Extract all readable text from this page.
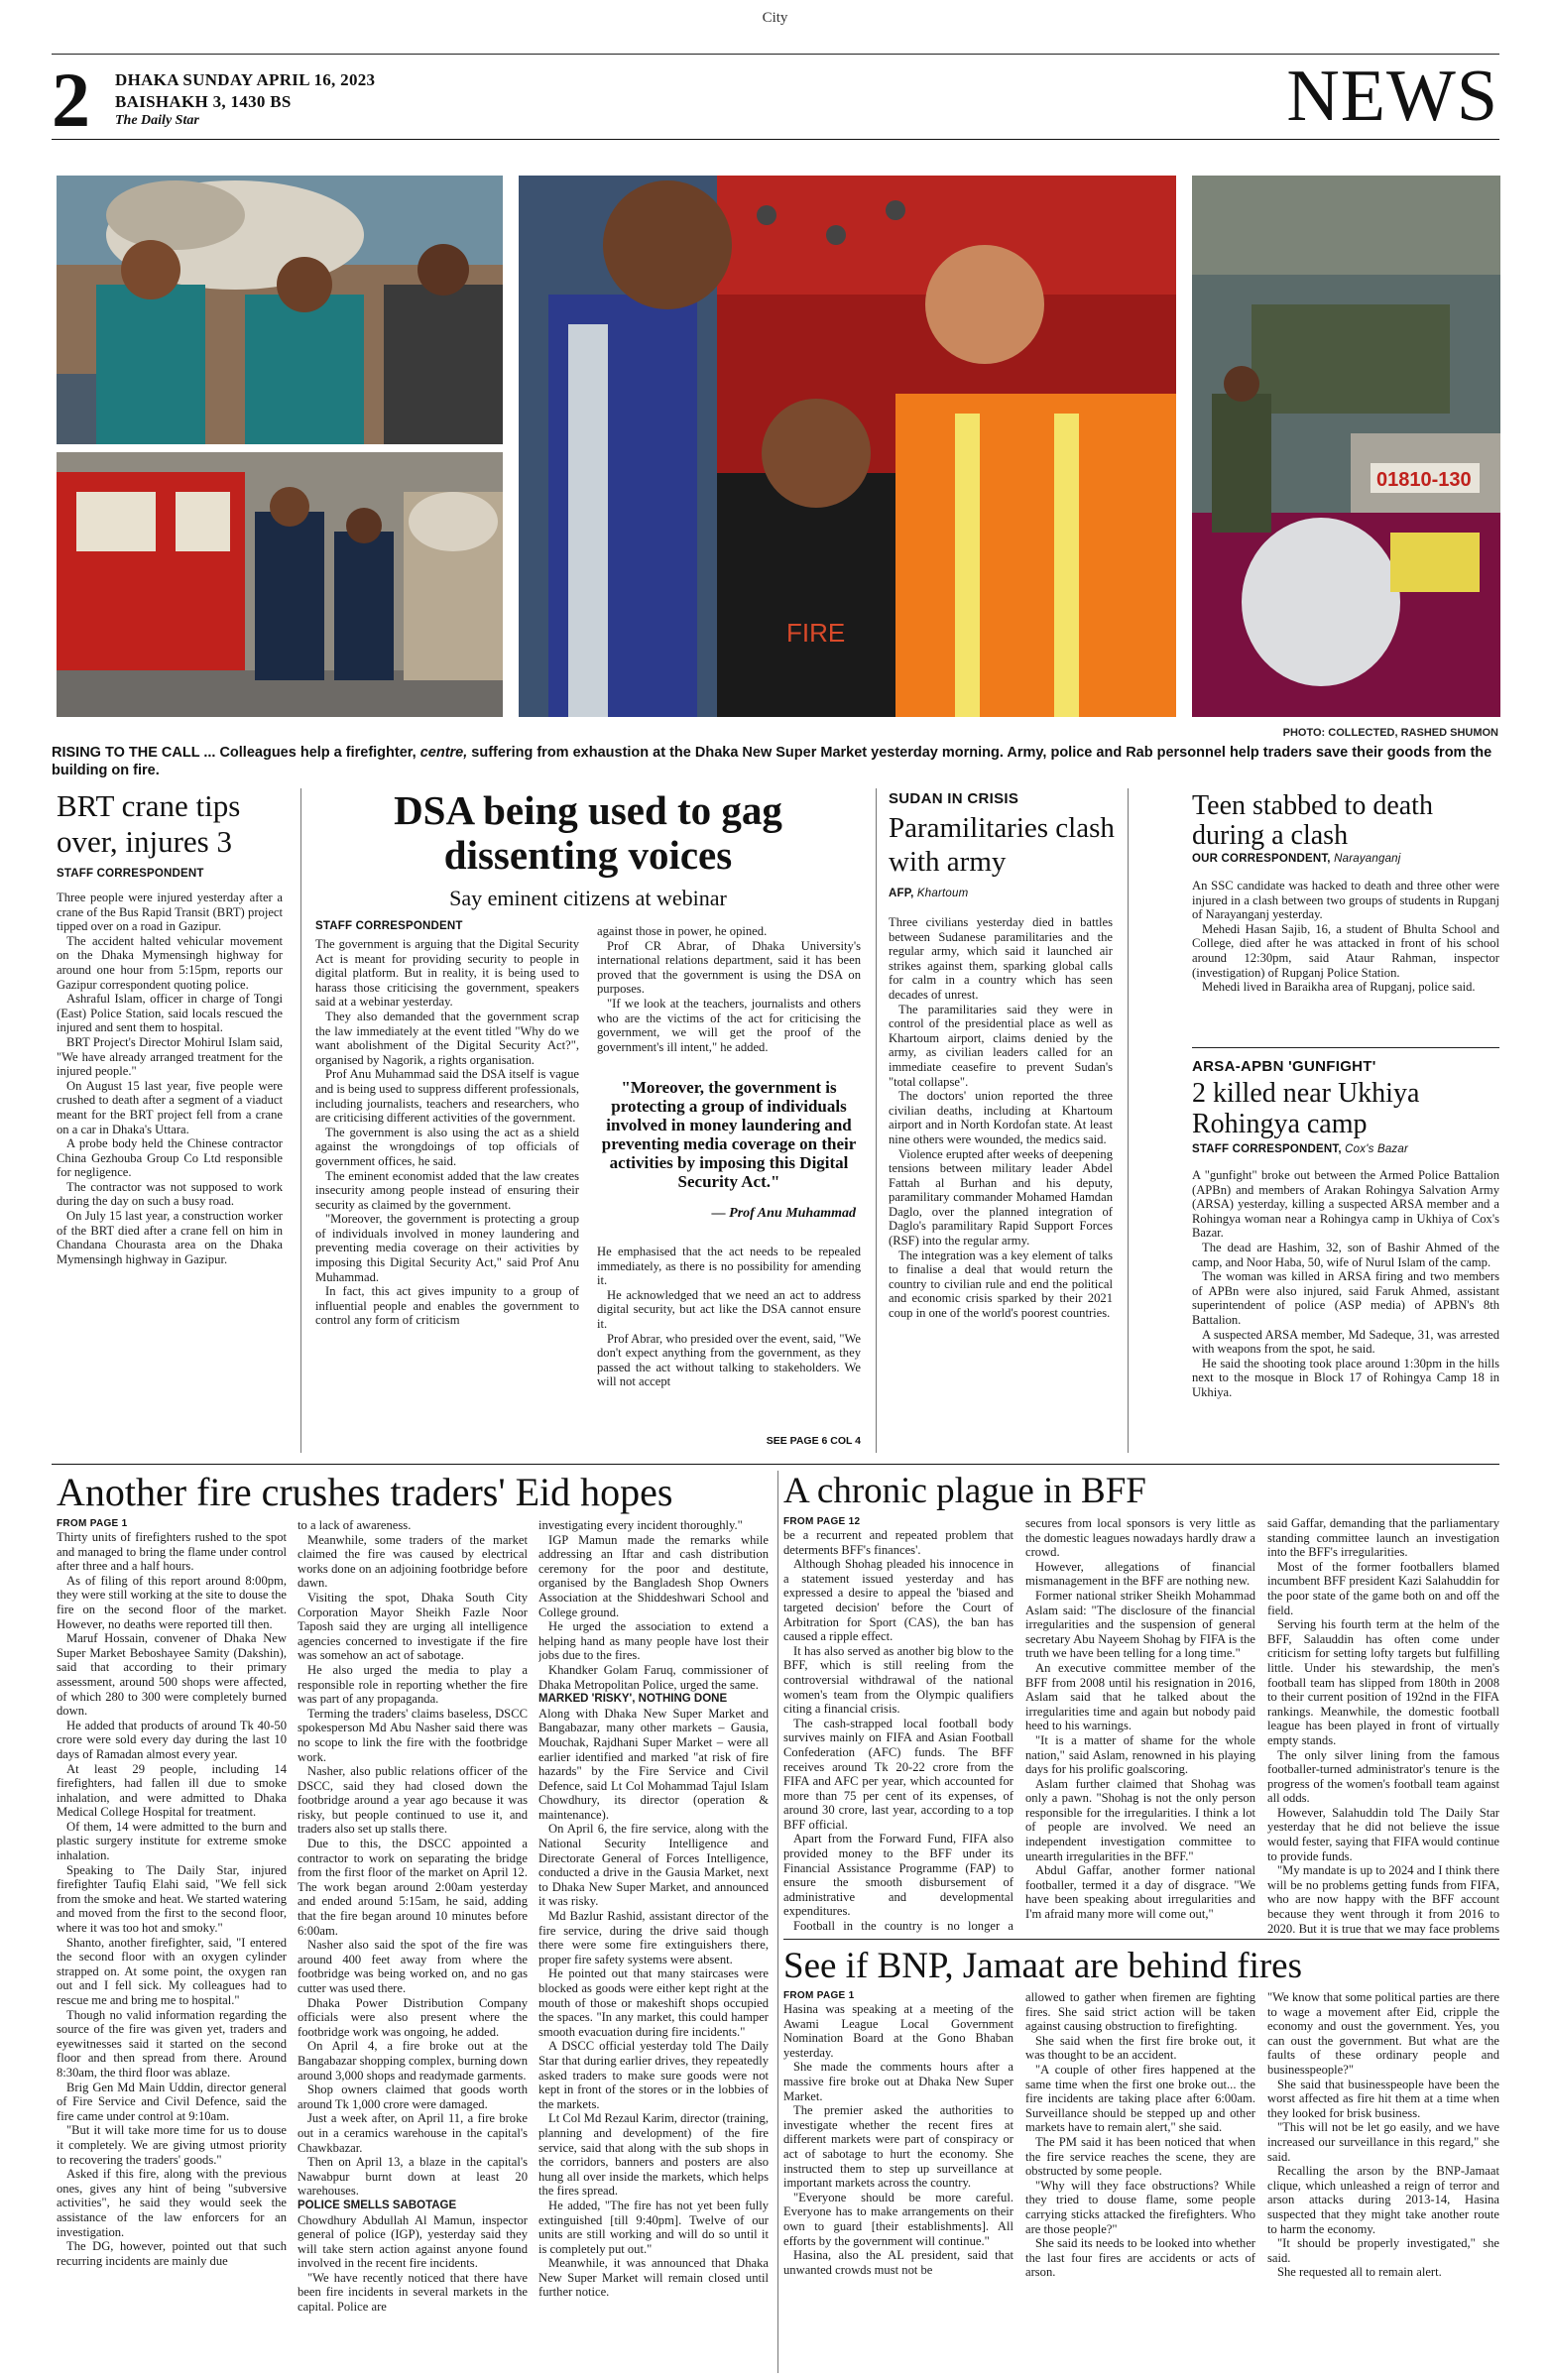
City
2 DHAKA SUNDAY APRIL 16, 2023
BAISHAKH 3, 1430 BS
The Daily Star	NEWS
FIRE
01810-130
PHOTO: COLLECTED, RASHED SHUMON
RISING TO THE CALL ... Colleagues help a firefighter, centre, suffering from exhaustion at the Dhaka New Super Market yesterday morning. Army, police and Rab personnel help traders save their goods from the building on fire.
BRT crane tips over, injures 3
STAFF CORRESPONDENT

Three people were injured yesterday after a crane of the Bus Rapid Transit (BRT) project tipped over on a road in Gazipur.

The accident halted vehicular movement on the Dhaka Mymensingh highway for around one hour from 5:15pm, reports our Gazipur correspondent quoting police.

Ashraful Islam, officer in charge of Tongi (East) Police Station, said locals rescued the injured and sent them to hospital.

BRT Project's Director Mohirul Islam said, "We have already arranged treatment for the injured people."

On August 15 last year, five people were crushed to death after a segment of a viaduct meant for the BRT project fell from a crane on a car in Dhaka's Uttara.

A probe body held the Chinese contractor China Gezhouba Group Co Ltd responsible for negligence.

The contractor was not supposed to work during the day on such a busy road.

On July 15 last year, a construction worker of the BRT died after a crane fell on him in Chandana Chourasta area on the Dhaka Mymensingh highway in Gazipur.

DSA being used to gag dissenting voices
Say eminent citizens at webinar
STAFF CORRESPONDENT

The government is arguing that the Digital Security Act is meant for providing security to people in digital platform. But in reality, it is being used to harass those criticising the government, speakers said at a webinar yesterday.

They also demanded that the government scrap the law immediately at the event titled "Why do we want abolishment of the Digital Security Act?", organised by Nagorik, a rights organisation.

Prof Anu Muhammad said the DSA itself is vague and is being used to suppress different professionals, including journalists, teachers and researchers, who are criticising different activities of the government.

The government is also using the act as a shield against the wrongdoings of top officials of government offices, he said.

The eminent economist added that the law creates insecurity among people instead of ensuring their security as claimed by the government.

"Moreover, the government is protecting a group of individuals involved in money laundering and preventing media coverage on their activities by imposing this Digital Security Act," said Prof Anu Muhammad.

In fact, this act gives impunity to a group of influential people and enables the government to control any form of criticism

against those in power, he opined.

Prof CR Abrar, of Dhaka University's international relations department, said it has been proved that the government is using the DSA on purposes.

"If we look at the teachers, journalists and others who are the victims of the act for criticising the government, we will get the proof of the government's ill intent," he added.

"Moreover, the government is protecting a group of individuals involved in money laundering and preventing media coverage on their activities by imposing this Digital Security Act."
— Prof Anu Muhammad

He emphasised that the act needs to be repealed immediately, as there is no possibility for amending it.

He acknowledged that we need an act to address digital security, but act like the DSA cannot ensure it.

Prof Abrar, who presided over the event, said, "We don't expect anything from the government, as they passed the act without talking to stakeholders. We will not accept

SEE PAGE 6 COL 4
SUDAN IN CRISIS
Paramilitaries clash with army
AFP, Khartoum

Three civilians yesterday died in battles between Sudanese paramilitaries and the regular army, which said it launched air strikes against them, sparking global calls for calm in a country which has seen decades of unrest.

The paramilitaries said they were in control of the presidential place as well as Khartoum airport, claims denied by the army, as civilian leaders called for an immediate ceasefire to prevent Sudan's "total collapse".

The doctors' union reported the three civilian deaths, including at Khartoum airport and in North Kordofan state. At least nine others were wounded, the medics said.

Violence erupted after weeks of deepening tensions between military leader Abdel Fattah al Burhan and his deputy, paramilitary commander Mohamed Hamdan Daglo, over the planned integration of Daglo's paramilitary Rapid Support Forces (RSF) into the regular army.

The integration was a key element of talks to finalise a deal that would return the country to civilian rule and end the political and economic crisis sparked by their 2021 coup in one of the world's poorest countries.

Teen stabbed to death during a clash
OUR CORRESPONDENT, Narayanganj

An SSC candidate was hacked to death and three other were injured in a clash between two groups of students in Rupganj of Narayanganj yesterday.

Mehedi Hasan Sajib, 16, a student of Bhulta School and College, died after he was attacked in front of his school around 12:30pm, said Ataur Rahman, inspector (investigation) of Rupganj Police Station.

Mehedi lived in Baraikha area of Rupganj, police said.

ARSA-APBN 'GUNFIGHT'
2 killed near Ukhiya Rohingya camp
STAFF CORRESPONDENT, Cox's Bazar

A "gunfight" broke out between the Armed Police Battalion (APBn) and members of Arakan Rohingya Salvation Army (ARSA) yesterday, killing a suspected ARSA member and a Rohingya woman near a Rohingya camp in Ukhiya of Cox's Bazar.

The dead are Hashim, 32, son of Bashir Ahmed of the camp, and Noor Haba, 50, wife of Nurul Islam of the camp.

The woman was killed in ARSA firing and two members of APBn were also injured, said Faruk Ahmed, assistant superintendent of police (ASP media) of APBN's 8th Battalion.

A suspected ARSA member, Md Sadeque, 31, was arrested with weapons from the spot, he said.

He said the shooting took place around 1:30pm in the hills next to the mosque in Block 17 of Rohingya Camp 18 in Ukhiya.

Another fire crushes traders' Eid hopes
FROM PAGE 1

Thirty units of firefighters rushed to the spot and managed to bring the flame under control after three and a half hours.

As of filing of this report around 8:00pm, they were still working at the site to douse the fire on the second floor of the market. However, no deaths were reported till then.

Maruf Hossain, convener of Dhaka New Super Market Beboshayee Samity (Dakshin), said that according to their primary assessment, around 500 shops were affected, of which 280 to 300 were completely burned down.

He added that products of around Tk 40-50 crore were sold every day during the last 10 days of Ramadan almost every year.

At least 29 people, including 14 firefighters, had fallen ill due to smoke inhalation, and were admitted to Dhaka Medical College Hospital for treatment.

Of them, 14 were admitted to the burn and plastic surgery institute for extreme smoke inhalation.

Speaking to The Daily Star, injured firefighter Taufiq Elahi said, "We fell sick from the smoke and heat. We started watering and moved from the first to the second floor, where it was too hot and smoky."

Shanto, another firefighter, said, "I entered the second floor with an oxygen cylinder strapped on. At some point, the oxygen ran out and I fell sick. My colleagues had to rescue me and bring me to hospital."

Though no valid information regarding the source of the fire was given yet, traders and eyewitnesses said it started on the second floor and then spread from there. Around 8:30am, the third floor was ablaze.

Brig Gen Md Main Uddin, director general of Fire Service and Civil Defence, said the fire came under control at 9:10am.

"But it will take more time for us to douse it completely. We are giving utmost priority to recovering the traders' goods."

Asked if this fire, along with the previous ones, gives any hint of being "subversive activities", he said they would seek the assistance of the law enforcers for an investigation.

The DG, however, pointed out that such recurring incidents are mainly due

to a lack of awareness.

Meanwhile, some traders of the market claimed the fire was caused by electrical works done on an adjoining footbridge before dawn.

Visiting the spot, Dhaka South City Corporation Mayor Sheikh Fazle Noor Taposh said they are urging all intelligence agencies concerned to investigate if the fire was somehow an act of sabotage.

He also urged the media to play a responsible role in reporting whether the fire was part of any propaganda.

Terming the traders' claims baseless, DSCC spokesperson Md Abu Nasher said there was no scope to link the fire with the footbridge work.

Nasher, also public relations officer of the DSCC, said they had closed down the footbridge around a year ago because it was risky, but people continued to use it, and traders also set up stalls there.

Due to this, the DSCC appointed a contractor to work on separating the bridge from the first floor of the market on April 12. The work began around 2:00am yesterday and ended around 5:15am, he said, adding that the fire began around 10 minutes before 6:00am.

Nasher also said the spot of the fire was around 400 feet away from where the footbridge was being worked on, and no gas cutter was used there.

Dhaka Power Distribution Company officials were also present where the footbridge work was ongoing, he added.

On April 4, a fire broke out at the Bangabazar shopping complex, burning down around 3,000 shops and readymade garments.

Shop owners claimed that goods worth around Tk 1,000 crore were damaged.

Just a week after, on April 11, a fire broke out in a ceramics warehouse in the capital's Chawkbazar.

Then on April 13, a blaze in the capital's Nawabpur burnt down at least 20 warehouses.

POLICE SMELLS SABOTAGE

Chowdhury Abdullah Al Mamun, inspector general of police (IGP), yesterday said they will take stern action against anyone found involved in the recent fire incidents.

"We have recently noticed that there have been fire incidents in several markets in the capital. Police are

investigating every incident thoroughly."

IGP Mamun made the remarks while addressing an Iftar and cash distribution ceremony for the poor and destitute, organised by the Bangladesh Shop Owners Association at the Shiddeshwari School and College ground.

He urged the association to extend a helping hand as many people have lost their jobs due to the fires.

Khandker Golam Faruq, commissioner of Dhaka Metropolitan Police, urged the same.

MARKED 'RISKY', NOTHING DONE

Along with Dhaka New Super Market and Bangabazar, many other markets – Gausia, Mouchak, Rajdhani Super Market – were all earlier identified and marked "at risk of fire hazards" by the Fire Service and Civil Defence, said Lt Col Mohammad Tajul Islam Chowdhury, its director (operation & maintenance).

On April 6, the fire service, along with the National Security Intelligence and Directorate General of Forces Intelligence, conducted a drive in the Gausia Market, next to Dhaka New Super Market, and announced it was risky.

Md Bazlur Rashid, assistant director of the fire service, during the drive said though there were some fire extinguishers there, proper fire safety systems were absent.

He pointed out that many staircases were blocked as goods were either kept right at the mouth of those or makeshift shops occupied the spaces. "In any market, this could hamper smooth evacuation during fire incidents."

A DSCC official yesterday told The Daily Star that during earlier drives, they repeatedly asked traders to make sure goods were not kept in front of the stores or in the lobbies of the markets.

Lt Col Md Rezaul Karim, director (training, planning and development) of the fire service, said that along with the sub shops in the corridors, banners and posters are also hung all over inside the markets, which helps the fires spread.

He added, "The fire has not yet been fully extinguished [till 9:40pm]. Twelve of our units are still working and will do so until it is completely put out."

Meanwhile, it was announced that Dhaka New Super Market will remain closed until further notice.

A chronic plague in BFF
FROM PAGE 12

be a recurrent and repeated problem that determents BFF's finances'.

Although Shohag pleaded his innocence in a statement issued yesterday and has expressed a desire to appeal the 'biased and targeted decision' before the Court of Arbitration for Sport (CAS), the ban has caused a ripple effect.

It has also served as another big blow to the BFF, which is still reeling from the controversial withdrawal of the national women's team from the Olympic qualifiers citing a financial crisis.

The cash-strapped local football body survives mainly on FIFA and Asian Football Confederation (AFC) funds. The BFF receives around Tk 20-22 crore from the FIFA and AFC per year, which accounted for more than 75 per cent of its expenses, of around 30 crore, last year, according to a top BFF official.

Apart from the Forward Fund, FIFA also provided money to the BFF under its Financial Assistance Programme (FAP) to ensure the smooth disbursement of administrative and developmental expenditures.

Football in the country is no longer a

secures from local sponsors is very little as the domestic leagues nowadays hardly draw a crowd.

However, allegations of financial mismanagement in the BFF are nothing new.

Former national striker Sheikh Mohammad Aslam said: "The disclosure of the financial irregularities and the suspension of general secretary Abu Nayeem Shohag by FIFA is the truth we have been telling for a long time."

An executive committee member of the BFF from 2008 until his resignation in 2016, Aslam said that he talked about the irregularities time and again but nobody paid heed to his warnings.

"It is a matter of shame for the whole nation," said Aslam, renowned in his playing days for his prolific goalscoring.

Aslam further claimed that Shohag was only a pawn. "Shohag is not the only person responsible for the irregularities. I think a lot of people are involved. We need an independent investigation committee to unearth irregularities in the BFF."

Abdul Gaffar, another former national footballer, termed it a day of disgrace. "We have been speaking about irregularities and I'm afraid many more will come out,"

said Gaffar, demanding that the parliamentary standing committee launch an investigation into the BFF's irregularities.

Most of the former footballers blamed incumbent BFF president Kazi Salahuddin for the poor state of the game both on and off the field.

Serving his fourth term at the helm of the BFF, Salauddin has often come under criticism for setting lofty targets but fulfilling little. Under his stewardship, the men's football team has slipped from 180th in 2008 to their current position of 192nd in the FIFA rankings. Meanwhile, the domestic football league has been played in front of virtually empty stands.

The only silver lining from the famous footballer-turned administrator's tenure is the progress of the women's football team against all odds.

However, Salahuddin told The Daily Star yesterday that he did not believe the issue would fester, saying that FIFA would continue to provide funds.

"My mandate is up to 2024 and I think there will be no problems getting funds from FIFA, who are now happy with the BFF account because they went through it from 2016 to 2020. But it is true that we may face problems

See if BNP, Jamaat are behind fires
FROM PAGE 1

Hasina was speaking at a meeting of the Awami League Local Government Nomination Board at the Gono Bhaban yesterday.

She made the comments hours after a massive fire broke out at Dhaka New Super Market.

The premier asked the authorities to investigate whether the recent fires at different markets were part of conspiracy or act of sabotage to hurt the economy. She instructed them to step up surveillance at important markets across the country.

"Everyone should be more careful. Everyone has to make arrangements on their own to guard [their establishments]. All efforts by the government will continue."

Hasina, also the AL president, said that unwanted crowds must not be

allowed to gather when firemen are fighting fires. She said strict action will be taken against causing obstruction to firefighting.

She said when the first fire broke out, it was thought to be an accident.

"A couple of other fires happened at the same time when the first one broke out... the fire incidents are taking place after 6:00am. Surveillance should be stepped up and other markets have to remain alert," she said.

The PM said it has been noticed that when the fire service reaches the scene, they are obstructed by some people.

"Why will they face obstructions? While they tried to douse flame, some people carrying sticks attacked the firefighters. Who are those people?"

She said its needs to be looked into whether the last four fires are accidents or acts of arson.

"We know that some political parties are there to wage a movement after Eid, cripple the economy and oust the government. Yes, you can oust the government. But what are the faults of these ordinary people and businesspeople?"

She said that businesspeople have been the worst affected as fire hit them at a time when they looked for brisk business.

"This will not be let go easily, and we have increased our surveillance in this regard," she said.

Recalling the arson by the BNP-Jamaat clique, which unleashed a reign of terror and arson attacks during 2013-14, Hasina suspected that they might take another route to harm the economy.

"It should be properly investigated," she said.

She requested all to remain alert.
